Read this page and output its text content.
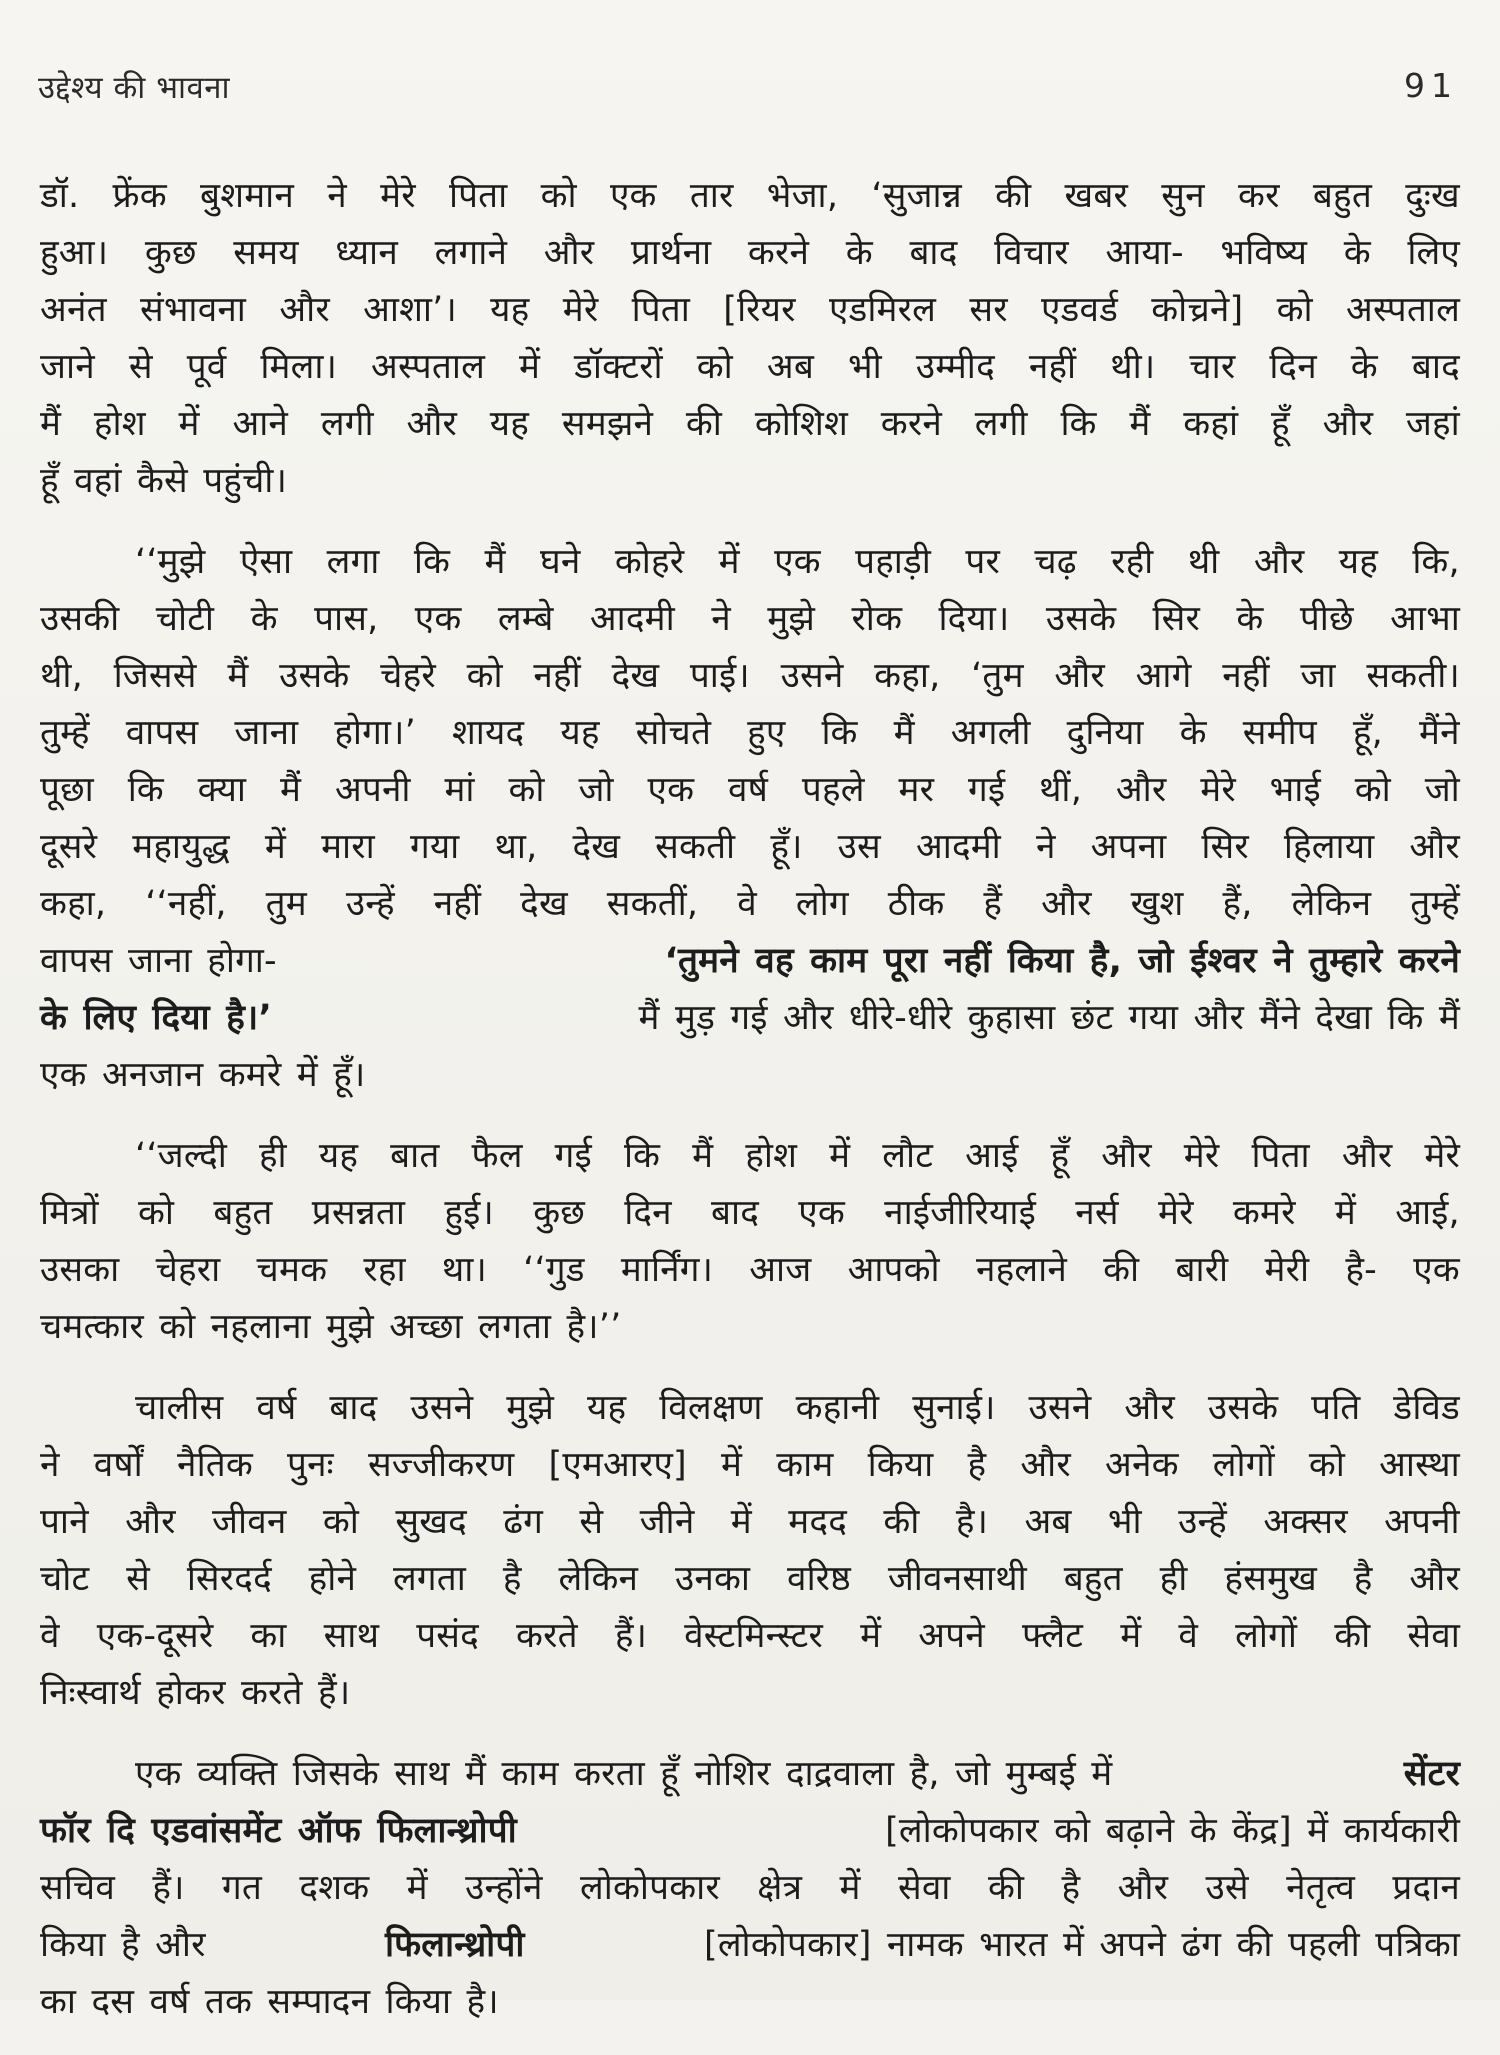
उद्देश्य की भावना	91
डॉ. फ्रेंक बुशमान ने मेरे पिता को एक तार भेजा, ‘सुजान्न की खबर सुन कर बहुत दुःख
हुआ। कुछ समय ध्यान लगाने और प्रार्थना करने के बाद विचार आया- भविष्य के लिए
अनंत संभावना और आशा’। यह मेरे पिता [रियर एडमिरल सर एडवर्ड कोच्रने] को अस्पताल
जाने से पूर्व मिला। अस्पताल में डॉक्टरों को अब भी उम्मीद नहीं थी। चार दिन के बाद
मैं होश में आने लगी और यह समझने की कोशिश करने लगी कि मैं कहां हूँ और जहां
हूँ वहां कैसे पहुंची।
‘‘मुझे ऐसा लगा कि मैं घने कोहरे में एक पहाड़ी पर चढ़ रही थी और यह कि,
उसकी चोटी के पास, एक लम्बे आदमी ने मुझे रोक दिया। उसके सिर के पीछे आभा
थी, जिससे मैं उसके चेहरे को नहीं देख पाई। उसने कहा, ‘तुम और आगे नहीं जा सकती।
तुम्हें वापस जाना होगा।’ शायद यह सोचते हुए कि मैं अगली दुनिया के समीप हूँ, मैंने
पूछा कि क्या मैं अपनी मां को जो एक वर्ष पहले मर गई थीं, और मेरे भाई को जो
दूसरे महायुद्ध में मारा गया था, देख सकती हूँ। उस आदमी ने अपना सिर हिलाया और
कहा, ‘‘नहीं, तुम उन्हें नहीं देख सकतीं, वे लोग ठीक हैं और खुश हैं, लेकिन तुम्हें
वापस जाना होगा-	‘तुमने वह काम पूरा नहीं किया है, जो ईश्वर ने तुम्हारे करने
के लिए दिया है।’	मैं मुड़ गई और धीरे-धीरे कुहासा छंट गया और मैंने देखा कि मैं
एक अनजान कमरे में हूँ।
‘‘जल्दी ही यह बात फैल गई कि मैं होश में लौट आई हूँ और मेरे पिता और मेरे
मित्रों को बहुत प्रसन्नता हुई। कुछ दिन बाद एक नाईजीरियाई नर्स मेरे कमरे में आई,
उसका चेहरा चमक रहा था। ‘‘गुड मार्निंग। आज आपको नहलाने की बारी मेरी है- एक
चमत्कार को नहलाना मुझे अच्छा लगता है।’’
चालीस वर्ष बाद उसने मुझे यह विलक्षण कहानी सुनाई। उसने और उसके पति डेविड
ने वर्षों नैतिक पुनः सज्जीकरण [एमआरए] में काम किया है और अनेक लोगों को आस्था
पाने और जीवन को सुखद ढंग से जीने में मदद की है। अब भी उन्हें अक्सर अपनी
चोट से सिरदर्द होने लगता है लेकिन उनका वरिष्ठ जीवनसाथी बहुत ही हंसमुख है और
वे एक-दूसरे का साथ पसंद करते हैं। वेस्टमिन्स्टर में अपने फ्लैट में वे लोगों की सेवा
निःस्वार्थ होकर करते हैं।
एक व्यक्ति जिसके साथ मैं काम करता हूँ नोशिर दाद्रवाला है, जो मुम्बई में	सेंटर
फॉर दि एडवांसमेंट ऑफ फिलान्थ्रोपी	[लोकोपकार को बढ़ाने के केंद्र] में कार्यकारी
सचिव हैं। गत दशक में उन्होंने लोकोपकार क्षेत्र में सेवा की है और उसे नेतृत्व प्रदान
किया है और	फिलान्थ्रोपी	[लोकोपकार] नामक भारत में अपने ढंग की पहली पत्रिका
का दस वर्ष तक सम्पादन किया है।
